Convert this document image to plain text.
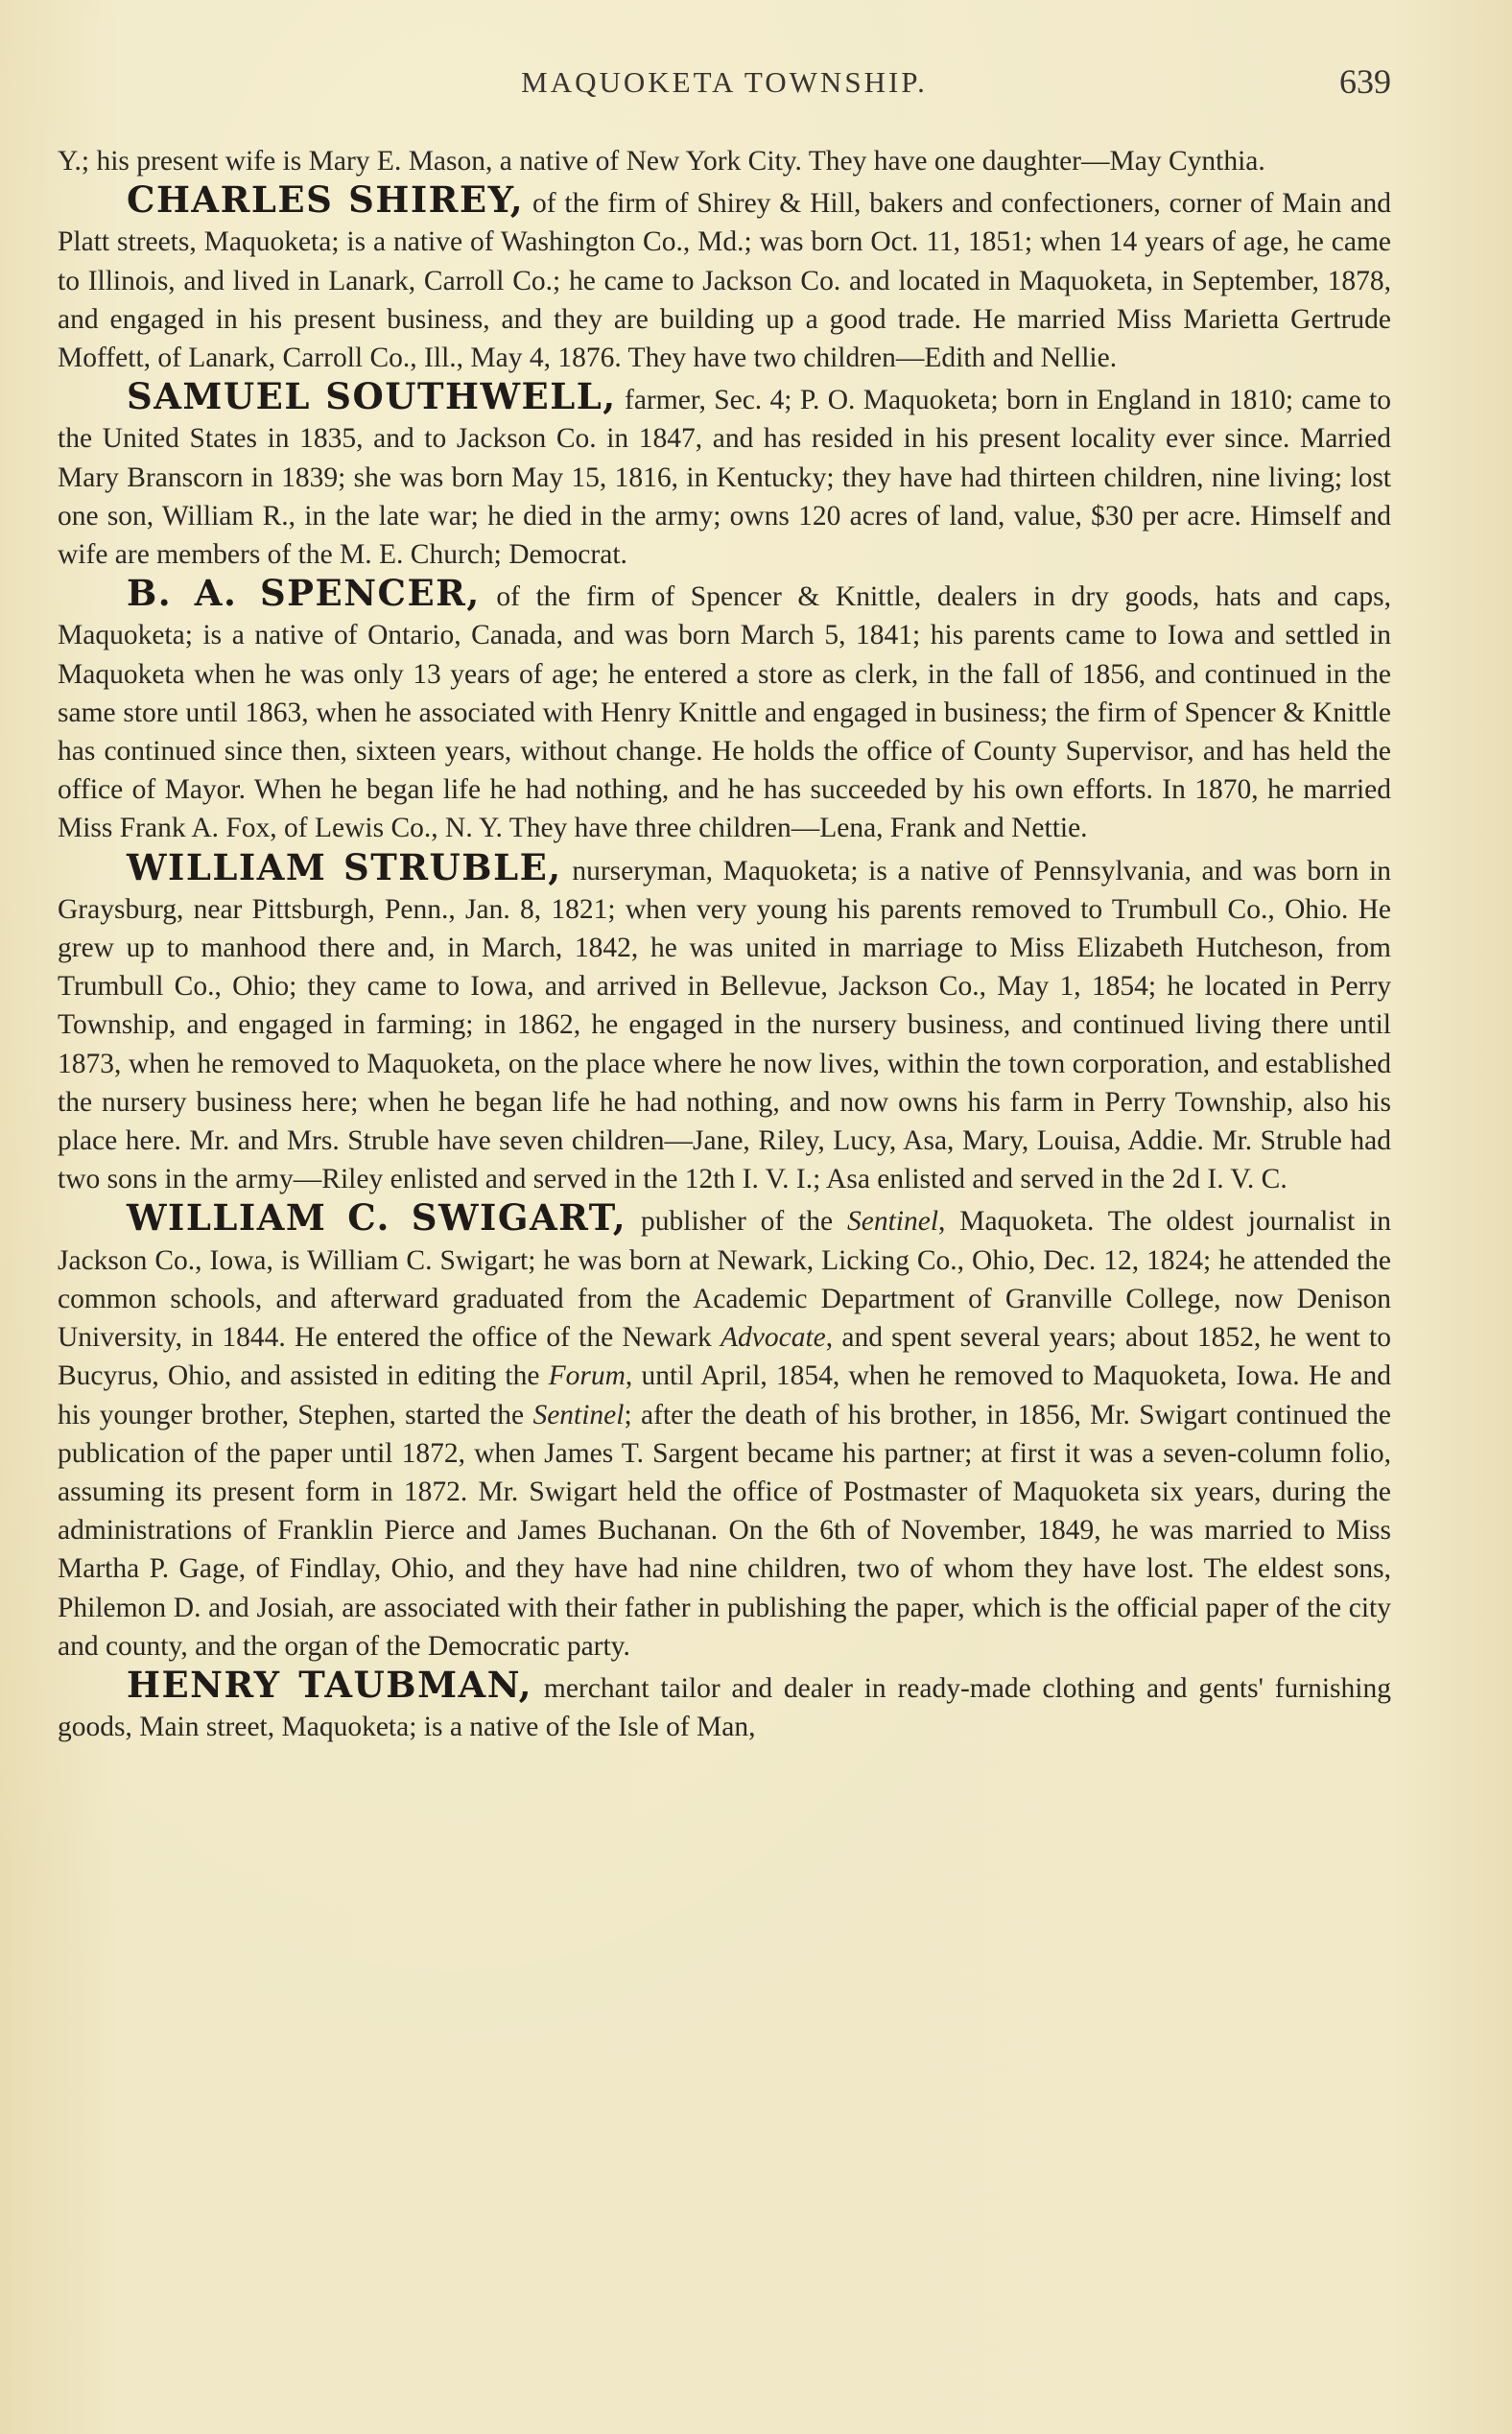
MAQUOKETA TOWNSHIP.	639

Y.; his present wife is Mary E. Mason, a native of New York City. They have one daughter—May Cynthia.

CHARLES SHIREY, of the firm of Shirey & Hill, bakers and confectioners, corner of Main and Platt streets, Maquoketa; is a native of Washington Co., Md.; was born Oct. 11, 1851; when 14 years of age, he came to Illinois, and lived in Lanark, Carroll Co.; he came to Jackson Co. and located in Maquoketa, in September, 1878, and engaged in his present business, and they are building up a good trade. He married Miss Marietta Gertrude Moffett, of Lanark, Carroll Co., Ill., May 4, 1876. They have two children—Edith and Nellie.

SAMUEL SOUTHWELL, farmer, Sec. 4; P. O. Maquoketa; born in England in 1810; came to the United States in 1835, and to Jackson Co. in 1847, and has resided in his present locality ever since. Married Mary Branscorn in 1839; she was born May 15, 1816, in Kentucky; they have had thirteen children, nine living; lost one son, William R., in the late war; he died in the army; owns 120 acres of land, value, $30 per acre. Himself and wife are members of the M. E. Church; Democrat.

B. A. SPENCER, of the firm of Spencer & Knittle, dealers in dry goods, hats and caps, Maquoketa; is a native of Ontario, Canada, and was born March 5, 1841; his parents came to Iowa and settled in Maquoketa when he was only 13 years of age; he entered a store as clerk, in the fall of 1856, and continued in the same store until 1863, when he associated with Henry Knittle and engaged in business; the firm of Spencer & Knittle has continued since then, sixteen years, without change. He holds the office of County Supervisor, and has held the office of Mayor. When he began life he had nothing, and he has succeeded by his own efforts. In 1870, he married Miss Frank A. Fox, of Lewis Co., N. Y. They have three children—Lena, Frank and Nettie.

WILLIAM STRUBLE, nurseryman, Maquoketa; is a native of Pennsylvania, and was born in Graysburg, near Pittsburgh, Penn., Jan. 8, 1821; when very young his parents removed to Trumbull Co., Ohio. He grew up to manhood there and, in March, 1842, he was united in marriage to Miss Elizabeth Hutcheson, from Trumbull Co., Ohio; they came to Iowa, and arrived in Bellevue, Jackson Co., May 1, 1854; he located in Perry Township, and engaged in farming; in 1862, he engaged in the nursery business, and continued living there until 1873, when he removed to Maquoketa, on the place where he now lives, within the town corporation, and established the nursery business here; when he began life he had nothing, and now owns his farm in Perry Township, also his place here. Mr. and Mrs. Struble have seven children—Jane, Riley, Lucy, Asa, Mary, Louisa, Addie. Mr. Struble had two sons in the army—Riley enlisted and served in the 12th I. V. I.; Asa enlisted and served in the 2d I. V. C.

WILLIAM C. SWIGART, publisher of the Sentinel, Maquoketa. The oldest journalist in Jackson Co., Iowa, is William C. Swigart; he was born at Newark, Licking Co., Ohio, Dec. 12, 1824; he attended the common schools, and afterward graduated from the Academic Department of Granville College, now Denison University, in 1844. He entered the office of the Newark Advocate, and spent several years; about 1852, he went to Bucyrus, Ohio, and assisted in editing the Forum, until April, 1854, when he removed to Maquoketa, Iowa. He and his younger brother, Stephen, started the Sentinel; after the death of his brother, in 1856, Mr. Swigart continued the publication of the paper until 1872, when James T. Sargent became his partner; at first it was a seven-column folio, assuming its present form in 1872. Mr. Swigart held the office of Postmaster of Maquoketa six years, during the administrations of Franklin Pierce and James Buchanan. On the 6th of November, 1849, he was married to Miss Martha P. Gage, of Findlay, Ohio, and they have had nine children, two of whom they have lost. The eldest sons, Philemon D. and Josiah, are associated with their father in publishing the paper, which is the official paper of the city and county, and the organ of the Democratic party.

HENRY TAUBMAN, merchant tailor and dealer in ready-made clothing and gents' furnishing goods, Main street, Maquoketa; is a native of the Isle of Man,
